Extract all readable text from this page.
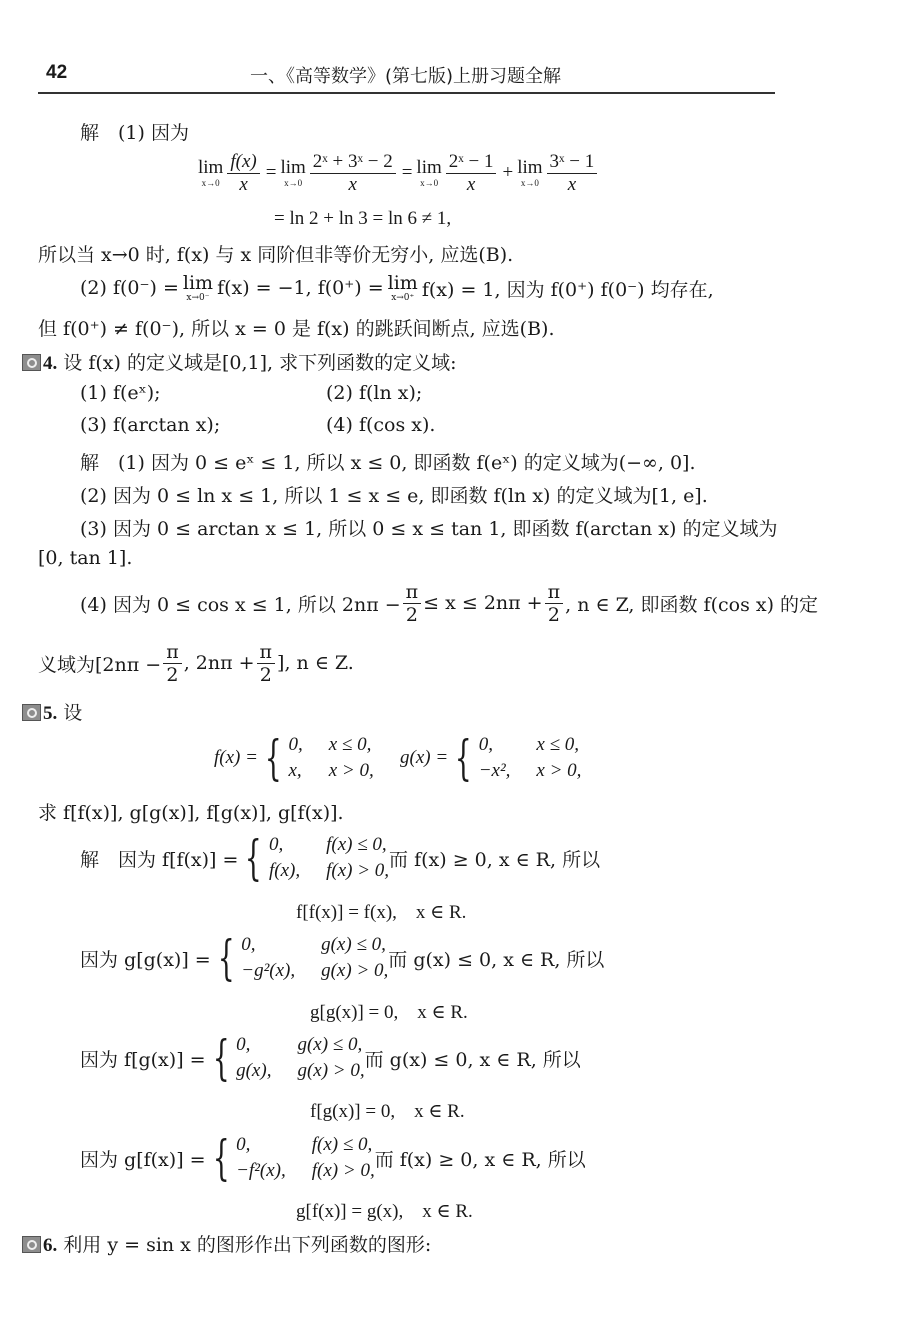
42	一、《高等数学》(第七版)上册习题全解
解　(1) 因为
lim
$x\to 0 \frac{f(x)}{x} = \lim$
$x\to 0 \frac{\text{2ˣ + 3ˣ − 2}}{x} = \lim$
$x\to 0 \frac{\text{2ˣ − 1}}{x} + \lim$
$x\to 0 \frac{\text{3ˣ − 1}}{x}$
= ln 2 + ln 3 = ln 6 ≠ 1,
所以当 x→0 时, f(x) 与 x 同阶但非等价无穷小, 应选(B).
(2) f(0⁻) = lim
x→0⁻ f(x) = −1, f(0⁺) = lim
x→0⁺ f(x) = 1, 因为 f(0⁺) f(0⁻) 均存在,
但 f(0⁺) ≠ f(0⁻), 所以 x = 0 是 f(x) 的跳跃间断点, 应选(B).
4. 设 f(x) 的定义域是[0,1], 求下列函数的定义域:
(1) f(eˣ);	(2) f(ln x);
(3) f(arctan x);	(4) f(cos x).
解　(1) 因为 0 ≤ eˣ ≤ 1, 所以 x ≤ 0, 即函数 f(eˣ) 的定义域为(−∞, 0].
(2) 因为 0 ≤ ln x ≤ 1, 所以 1 ≤ x ≤ e, 即函数 f(ln x) 的定义域为[1, e].
(3) 因为 0 ≤ arctan x ≤ 1, 所以 0 ≤ x ≤ tan 1, 即函数 f(arctan x) 的定义域为
[0, tan 1].
(4) 因为 0 ≤ cos x ≤ 1, 所以 $2n\pi - \frac{\pi}{2} \le x \le 2n\pi + \frac{\pi}{2}$ , n ∈ Z, 即函数 f(cos x) 的定
义域为[$2n\pi - \frac{\pi}{2}$ , $2n\pi + \frac{\pi}{2}$ ], n ∈ Z.
5. 设
f(x) = { 0, x ≤ 0,
x, x > 0,
g(x) = { 0,	x ≤ 0,
−x², x > 0,
求 f[f(x)], g[g(x)], f[g(x)], g[f(x)].
解　因为 f[f(x)] = { 0,	f(x) ≤ 0,
f(x), f(x) > 0, 而 f(x) ≥ 0, x ∈ R, 所以
f[f(x)] = f(x),　x ∈ R.
因为 g[g(x)] = { 0,	g(x) ≤ 0,
−g²(x), g(x) > 0, 而 g(x) ≤ 0, x ∈ R, 所以
g[g(x)] = 0,　x ∈ R.
因为 f[g(x)] = { 0,	g(x) ≤ 0,
g(x), g(x) > 0, 而 g(x) ≤ 0, x ∈ R, 所以
f[g(x)] = 0,　x ∈ R.
因为 g[f(x)] = { 0,	f(x) ≤ 0,
−f²(x), f(x) > 0, 而 f(x) ≥ 0, x ∈ R, 所以
g[f(x)] = g(x),　x ∈ R.
6. 利用 y = sin x 的图形作出下列函数的图形:
